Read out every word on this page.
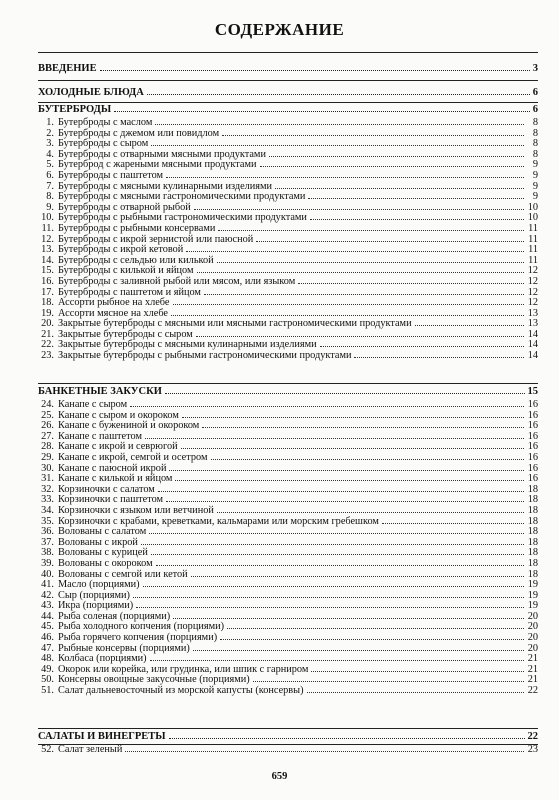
СОДЕРЖАНИЕ
ВВЕДЕНИЕ	3
ХОЛОДНЫЕ БЛЮДА	6
БУТЕРБРОДЫ	6
1. Бутерброды с маслом	8
2. Бутерброды с джемом или повидлом	8
3. Бутерброды с сыром	8
4. Бутерброды с отварными мясными продуктами	8
5. Бутерброд с жареными мясными продуктами	9
6. Бутерброды с паштетом	9
7. Бутерброды с мясными кулинарными изделиями	9
8. Бутерброды с мясными гастрономическими продуктами	9
9. Бутерброды с отварной рыбой	10
10. Бутерброды с рыбными гастрономическими продуктами	10
11. Бутерброды с рыбными консервами	11
12. Бутерброды с икрой зернистой или паюсной	11
13. Бутерброды с икрой кетовой	11
14. Бутерброды с сельдью или килькой	11
15. Бутерброды с килькой и яйцом	12
16. Бутерброды с заливной рыбой или мясом, или языком	12
17. Бутерброды с паштетом и яйцом	12
18. Ассорти рыбное на хлебе	12
19. Ассорти мясное на хлебе	13
20. Закрытые бутерброды с мясными или мясными гастрономическими продуктами	13
21. Закрытые бутерброды с сыром	14
22. Закрытые бутерброды с мясными кулинарными изделиями	14
23. Закрытые бутерброды с рыбными гастрономическими продуктами	14
БАНКЕТНЫЕ ЗАКУСКИ	15
24. Канапе с сыром	16
25. Канапе с сыром и окороком	16
26. Канапе с бужениной и окороком	16
27. Канапе с паштетом	16
28. Канапе с икрой и севрюгой	16
29. Канапе с икрой, семгой и осетром	16
30. Канапе с паюсной икрой	16
31. Канапе с килькой и яйцом	16
32. Корзиночки с салатом	18
33. Корзиночки с паштетом	18
34. Корзиночки с языком или ветчиной	18
35. Корзиночки с крабами, креветками, кальмарами или морским гребешком	18
36. Волованы с салатом	18
37. Волованы с икрой	18
38. Волованы с курицей	18
39. Волованы с окороком	18
40. Волованы с семгой или кетой	18
41. Масло (порциями)	19
42. Сыр (порциями)	19
43. Икра (порциями)	19
44. Рыба соленая (порциями)	20
45. Рыба холодного копчения (порциями)	20
46. Рыба горячего копчения (порциями)	20
47. Рыбные консервы (порциями)	20
48. Колбаса (порциями)	21
49. Окорок или корейка, или грудинка, или шпик с гарниром	21
50. Консервы овощные закусочные (порциями)	21
51. Салат дальневосточный из морской капусты (консервы)	22
САЛАТЫ И ВИНЕГРЕТЫ	22
52. Салат зеленый	23
659
